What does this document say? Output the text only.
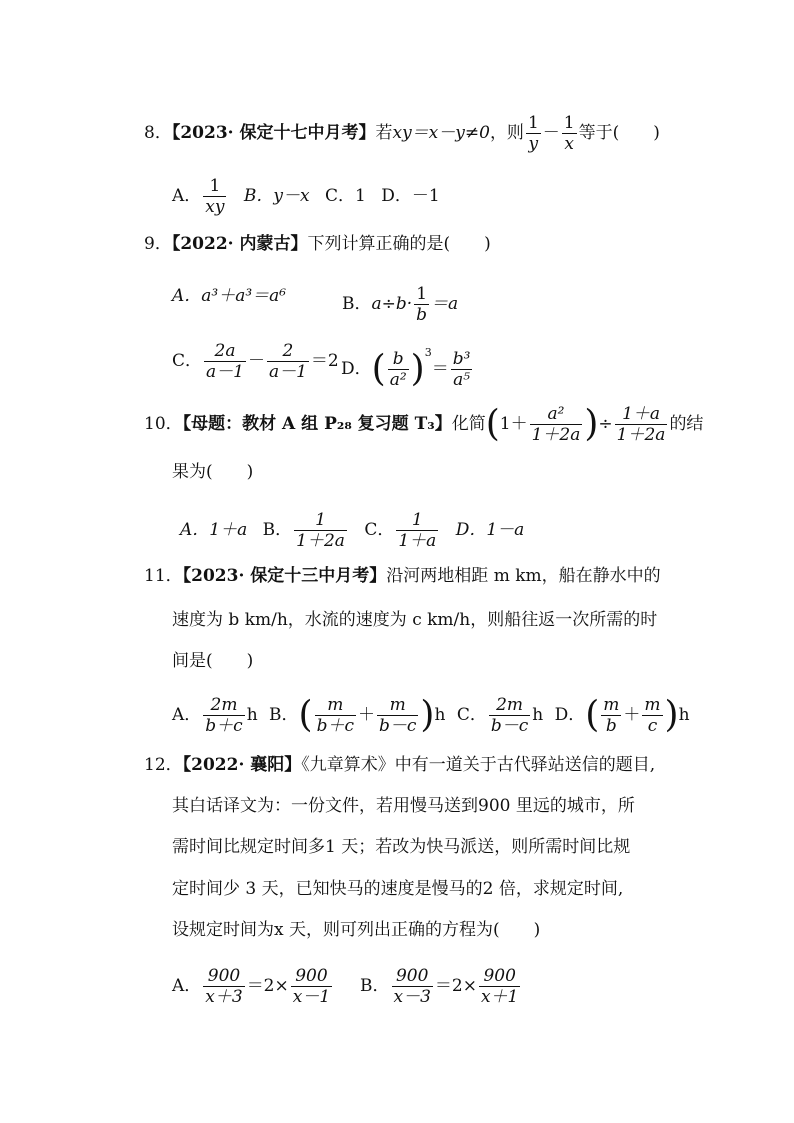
8．【2023· 保定十七中月考】若xy＝x－y≠0，则 $\frac{1}{y} - \frac{1}{x}$ 等于(　　)
A． $\frac{1}{xy}$ B．y－x C．1 D．－1
9．【2022· 内蒙古】下列计算正确的是(　　)
A．a³＋a³＝a⁶	B．$a\div b\cdot \frac{1}{b} =a$
C． $\frac{2a}{a-1} - \frac{2}{a-1} =2$ D．( $\frac{b}{\text{a²}} )^3= \frac{\text{b³}}{\text{a⁵}}$
10．【母题：教材 A 组 P₂₈ 复习题 T₃】化简($1+ \frac{\text{a²}}{1+2a}$ )÷ $\frac{1+a}{1+2a}$ 的结
果为(　　)
A．1＋a B． $\frac{1}{1+2a}$ C． $\frac{1}{1+a}$ D．1－a
11．【2023· 保定十三中月考】沿河两地相距 m km，船在静水中的
速度为 b km/h，水流的速度为 c km/h，则船往返一次所需的时
间是(　　)
A． $\frac{2m}{b+c}$ h B．( $\frac{m}{b+c} + \frac{m}{b-c} )h$ C． $\frac{2m}{b-c}$ h D．( $\frac{m}{b} + \frac{m}{c} )h$
12．【2022· 襄阳】《九章算术》中有一道关于古代驿站送信的题目,
其白话译文为：一份文件，若用慢马送到900 里远的城市，所
需时间比规定时间多1 天；若改为快马派送，则所需时间比规
定时间少 3 天，已知快马的速度是慢马的2 倍，求规定时间,
设规定时间为x 天，则可列出正确的方程为(　　)
A． $\frac{900}{x+3} =2\times \frac{900}{x-1}$ B． $\frac{900}{x-3} =2\times \frac{900}{x+1}$
